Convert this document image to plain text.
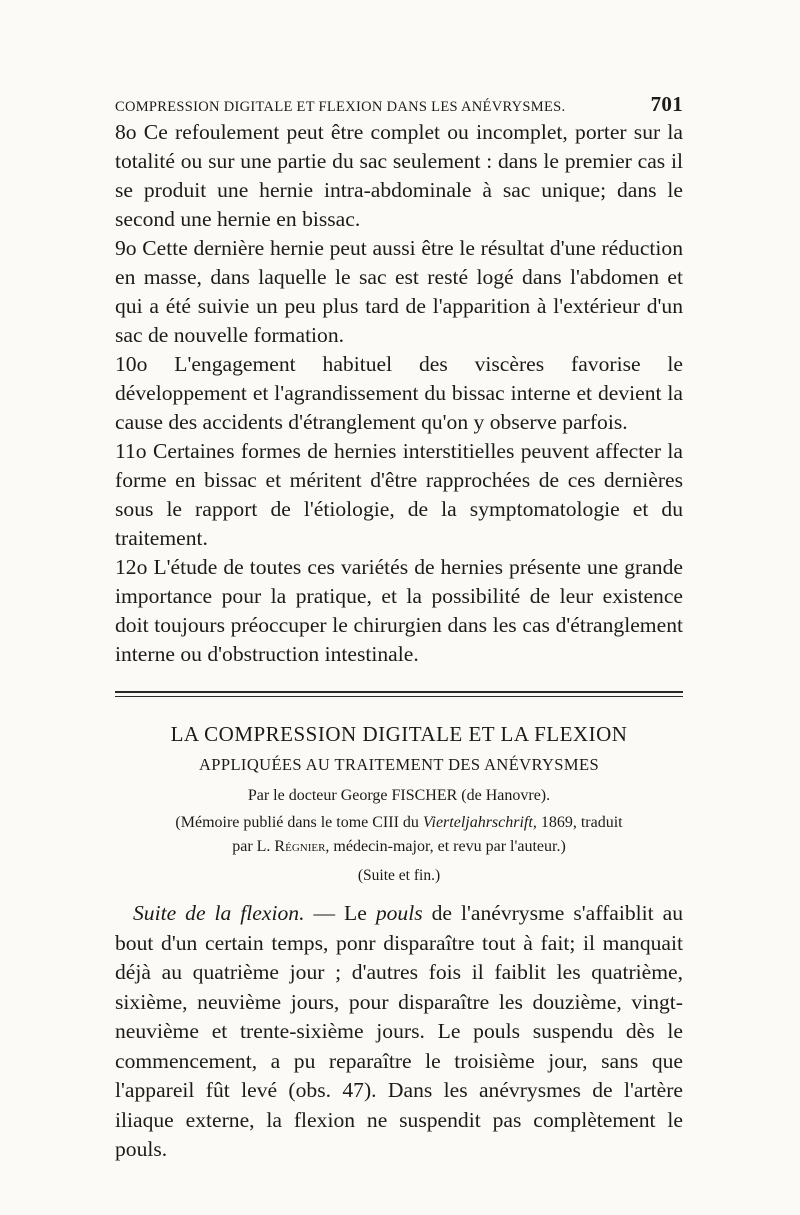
COMPRESSION DIGITALE ET FLEXION DANS LES ANÉVRYSMES.	701

8o Ce refoulement peut être complet ou incomplet, porter sur la totalité ou sur une partie du sac seulement : dans le premier cas il se produit une hernie intra-abdominale à sac unique; dans le second une hernie en bissac.

9o Cette dernière hernie peut aussi être le résultat d'une réduction en masse, dans laquelle le sac est resté logé dans l'abdomen et qui a été suivie un peu plus tard de l'apparition à l'extérieur d'un sac de nouvelle formation.

10o L'engagement habituel des viscères favorise le développement et l'agrandissement du bissac interne et devient la cause des accidents d'étranglement qu'on y observe parfois.

11o Certaines formes de hernies interstitielles peuvent affecter la forme en bissac et méritent d'être rapprochées de ces dernières sous le rapport de l'étiologie, de la symptomatologie et du traitement.

12o L'étude de toutes ces variétés de hernies présente une grande importance pour la pratique, et la possibilité de leur existence doit toujours préoccuper le chirurgien dans les cas d'étranglement interne ou d'obstruction intestinale.

LA COMPRESSION DIGITALE ET LA FLEXION
APPLIQUÉES AU TRAITEMENT DES ANÉVRYSMES
Par le docteur George FISCHER (de Hanovre).
(Mémoire publié dans le tome CIII du Vierteljahrschrift, 1869, traduit
par L. Régnier, médecin-major, et revu par l'auteur.)
(Suite et fin.)

Suite de la flexion. — Le pouls de l'anévrysme s'affaiblit au bout d'un certain temps, ponr disparaître tout à fait; il manquait déjà au quatrième jour ; d'autres fois il faiblit les quatrième, sixième, neuvième jours, pour disparaître les douzième, vingt-neuvième et trente-sixième jours. Le pouls suspendu dès le commencement, a pu reparaître le troisième jour, sans que l'appareil fût levé (obs. 47). Dans les anévrysmes de l'artère iliaque externe, la flexion ne suspendit pas complètement le pouls.
